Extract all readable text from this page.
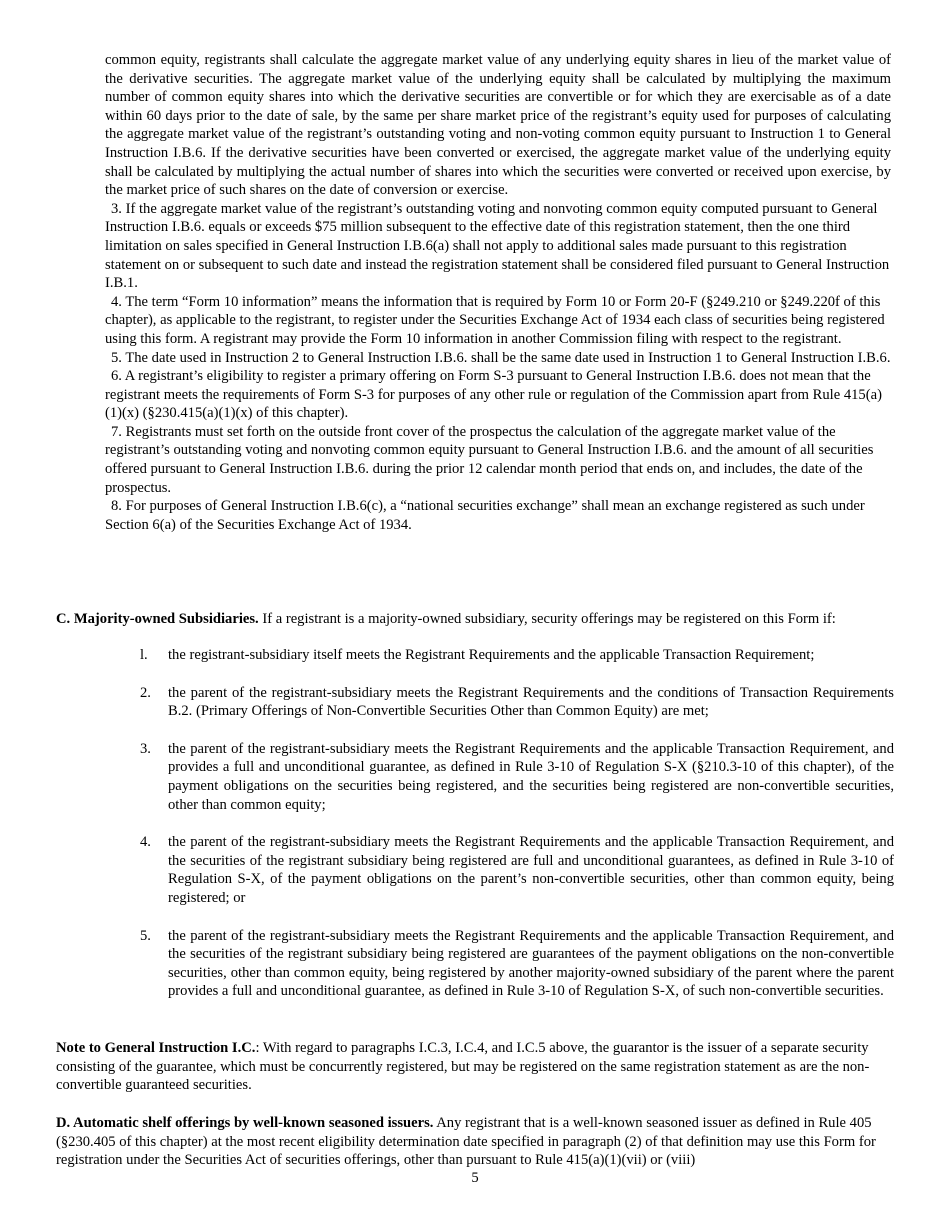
common equity, registrants shall calculate the aggregate market value of any underlying equity shares in lieu of the market value of the derivative securities. The aggregate market value of the underlying equity shall be calculated by multiplying the maximum number of common equity shares into which the derivative securities are convertible or for which they are exercisable as of a date within 60 days prior to the date of sale, by the same per share market price of the registrant’s equity used for purposes of calculating the aggregate market value of the registrant’s outstanding voting and non-voting common equity pursuant to Instruction 1 to General Instruction I.B.6. If the derivative securities have been converted or exercised, the aggregate market value of the underlying equity shall be calculated by multiplying the actual number of shares into which the securities were converted or received upon exercise, by the market price of such shares on the date of conversion or exercise.

3. If the aggregate market value of the registrant’s outstanding voting and nonvoting common equity computed pursuant to General Instruction I.B.6. equals or exceeds $75 million subsequent to the effective date of this registration statement, then the one third limitation on sales specified in General Instruction I.B.6(a) shall not apply to additional sales made pursuant to this registration statement on or subsequent to such date and instead the registration statement shall be considered filed pursuant to General Instruction I.B.1.

4. The term “Form 10 information” means the information that is required by Form 10 or Form 20-F (§249.210 or §249.220f of this chapter), as applicable to the registrant, to register under the Securities Exchange Act of 1934 each class of securities being registered using this form. A registrant may provide the Form 10 information in another Commission filing with respect to the registrant.

5. The date used in Instruction 2 to General Instruction I.B.6. shall be the same date used in Instruction 1 to General Instruction I.B.6.

6. A registrant’s eligibility to register a primary offering on Form S-3 pursuant to General Instruction I.B.6. does not mean that the registrant meets the requirements of Form S-3 for purposes of any other rule or regulation of the Commission apart from Rule 415(a)(1)(x) (§230.415(a)(1)(x) of this chapter).

7. Registrants must set forth on the outside front cover of the prospectus the calculation of the aggregate market value of the registrant’s outstanding voting and nonvoting common equity pursuant to General Instruction I.B.6. and the amount of all securities offered pursuant to General Instruction I.B.6. during the prior 12 calendar month period that ends on, and includes, the date of the prospectus.

8. For purposes of General Instruction I.B.6(c), a “national securities exchange” shall mean an exchange registered as such under Section 6(a) of the Securities Exchange Act of 1934.

C. Majority-owned Subsidiaries. If a registrant is a majority-owned subsidiary, security offerings may be registered on this Form if:

l. the registrant-subsidiary itself meets the Registrant Requirements and the applicable Transaction Requirement;
2. the parent of the registrant-subsidiary meets the Registrant Requirements and the conditions of Transaction Requirements B.2. (Primary Offerings of Non-Convertible Securities Other than Common Equity) are met;
3. the parent of the registrant-subsidiary meets the Registrant Requirements and the applicable Transaction Requirement, and provides a full and unconditional guarantee, as defined in Rule 3-10 of Regulation S-X (§210.3-10 of this chapter), of the payment obligations on the securities being registered, and the securities being registered are non-convertible securities, other than common equity;
4. the parent of the registrant-subsidiary meets the Registrant Requirements and the applicable Transaction Requirement, and the securities of the registrant subsidiary being registered are full and unconditional guarantees, as defined in Rule 3-10 of Regulation S-X, of the payment obligations on the parent’s non-convertible securities, other than common equity, being registered; or
5. the parent of the registrant-subsidiary meets the Registrant Requirements and the applicable Transaction Requirement, and the securities of the registrant subsidiary being registered are guarantees of the payment obligations on the non-convertible securities, other than common equity, being registered by another majority-owned subsidiary of the parent where the parent provides a full and unconditional guarantee, as defined in Rule 3-10 of Regulation S-X, of such non-convertible securities.

Note to General Instruction I.C.: With regard to paragraphs I.C.3, I.C.4, and I.C.5 above, the guarantor is the issuer of a separate security consisting of the guarantee, which must be concurrently registered, but may be registered on the same registration statement as are the non-convertible guaranteed securities.

D. Automatic shelf offerings by well-known seasoned issuers. Any registrant that is a well-known seasoned issuer as defined in Rule 405 (§230.405 of this chapter) at the most recent eligibility determination date specified in paragraph (2) of that definition may use this Form for registration under the Securities Act of securities offerings, other than pursuant to Rule 415(a)(1)(vii) or (viii)

5
